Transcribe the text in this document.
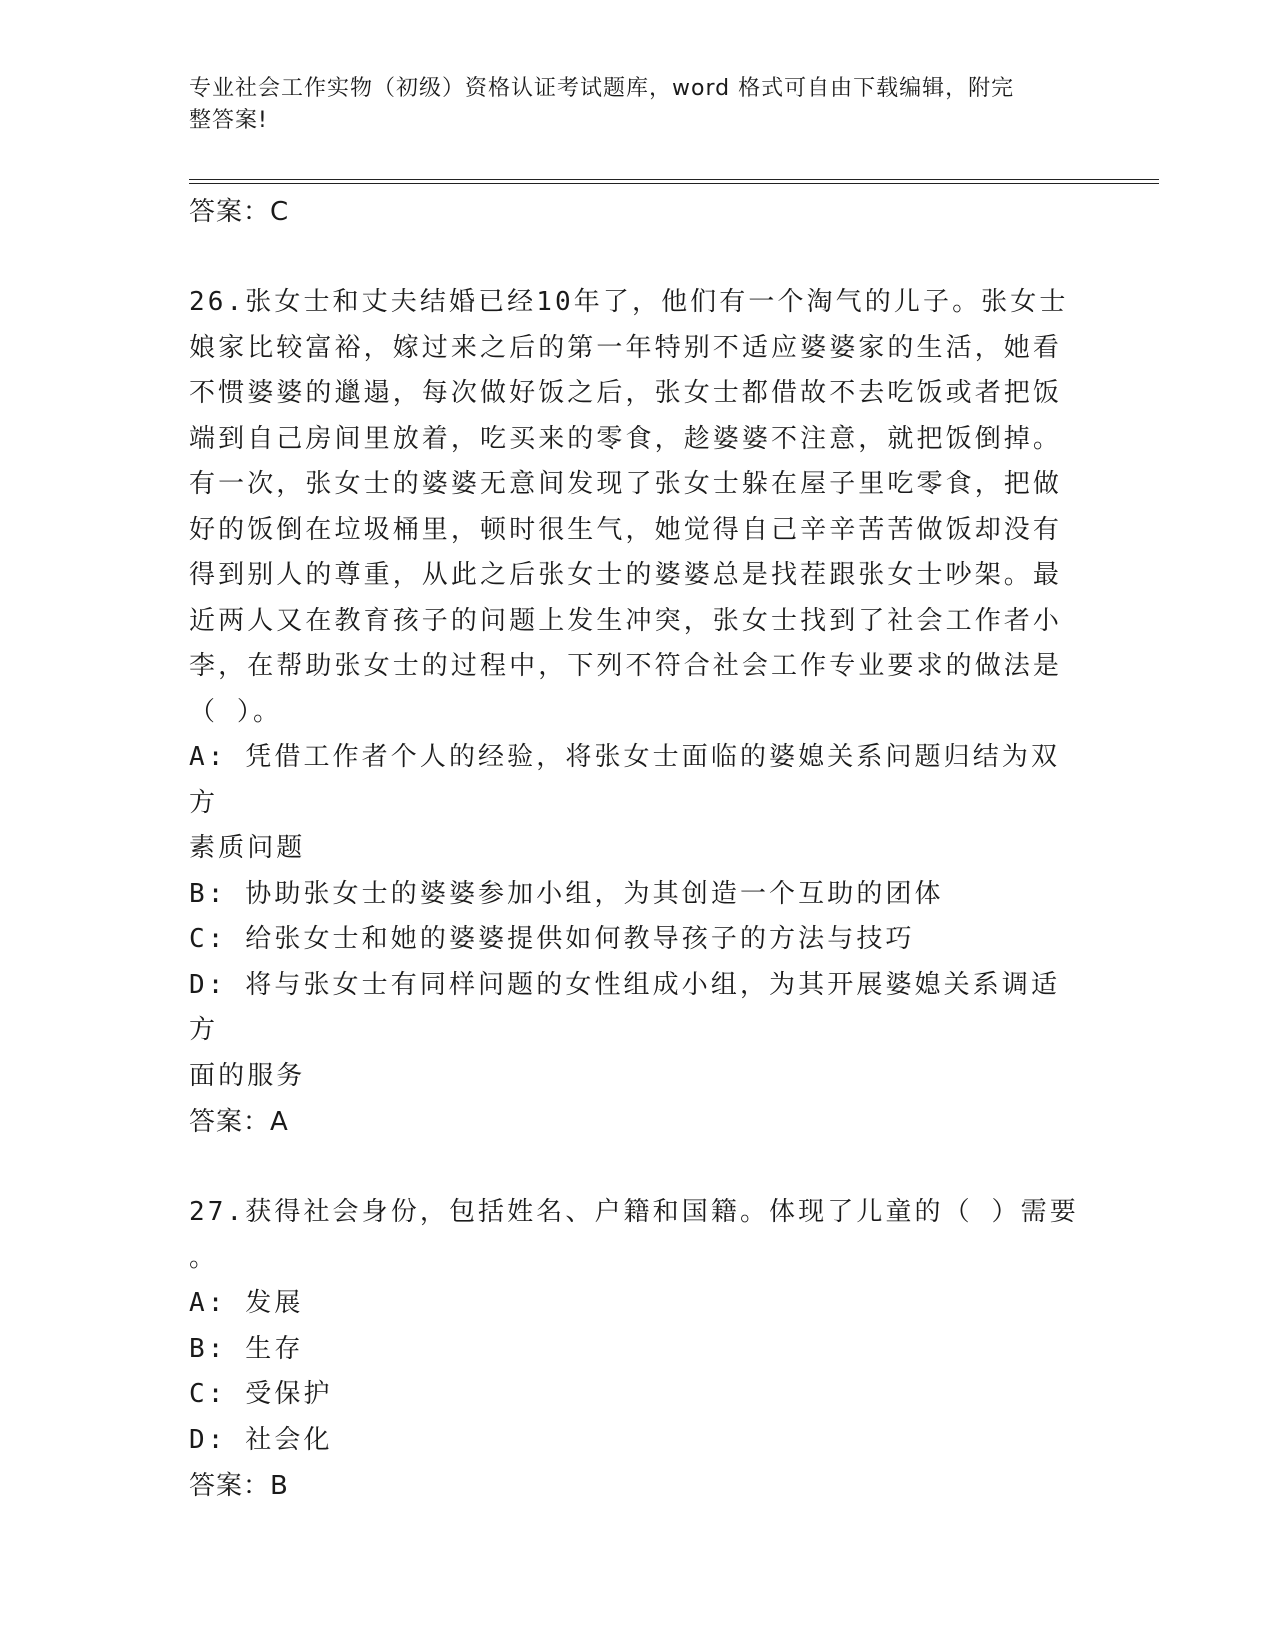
专业社会工作实物（初级）资格认证考试题库，word 格式可自由下载编辑，附完
整答案!
答案：C
26.张女士和丈夫结婚已经10年了，他们有一个淘气的儿子。张女士
娘家比较富裕，嫁过来之后的第一年特别不适应婆婆家的生活，她看
不惯婆婆的邋遢，每次做好饭之后，张女士都借故不去吃饭或者把饭
端到自己房间里放着，吃买来的零食，趁婆婆不注意，就把饭倒掉。
有一次，张女士的婆婆无意间发现了张女士躲在屋子里吃零食，把做
好的饭倒在垃圾桶里，顿时很生气，她觉得自己辛辛苦苦做饭却没有
得到别人的尊重，从此之后张女士的婆婆总是找茬跟张女士吵架。最
近两人又在教育孩子的问题上发生冲突，张女士找到了社会工作者小
李，在帮助张女士的过程中，下列不符合社会工作专业要求的做法是
（ ）。
A: 凭借工作者个人的经验，将张女士面临的婆媳关系问题归结为双方
素质问题
B: 协助张女士的婆婆参加小组，为其创造一个互助的团体
C: 给张女士和她的婆婆提供如何教导孩子的方法与技巧
D: 将与张女士有同样问题的女性组成小组，为其开展婆媳关系调适方
面的服务
答案：A
27.获得社会身份，包括姓名、户籍和国籍。体现了儿童的（ ）需要
。
A: 发展
B: 生存
C: 受保护
D: 社会化
答案：B
